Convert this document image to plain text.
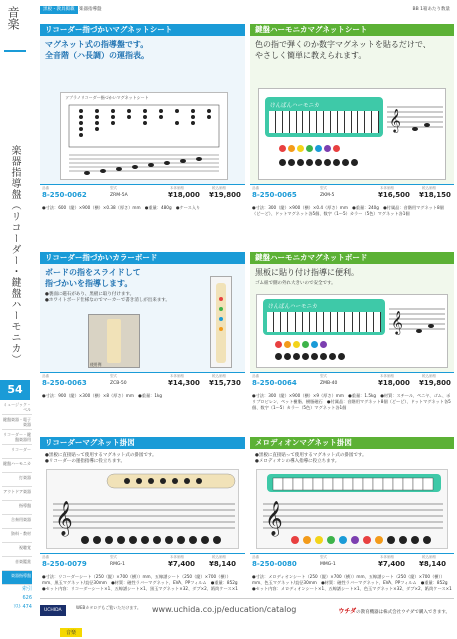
音楽
楽器指導盤（リコーダー・鍵盤ハーモニカ）
54
ミュージック・ベル
鍵盤楽器・電子楽器
リコーダー・鍵盤楽器用
リコーダー
鍵盤ハーモニカ
打楽器
アウトドア楽器
指導盤
合奏用楽器
資料・教材
視聴覚
音楽鑑賞
楽器指導盤
索引
626
ﾘｽﾄ 474
黒板・教具掲載	楽器指導盤	BB 1箱あたり数量
リコーダー指づかいマグネットシート
マグネット式の指導盤です。
全音階（ハ長調）の運指表。
ソプラノリコーダー指づかいマグネットシート
品番	型式	本体価格	税込価格
8-250-0062	ZRM-5A	¥18,000 ¥19,800
●寸法：600（縦）×900（横）×0.38（厚さ）mm　●重量：480g　●ケース入り
鍵盤ハーモニカマグネットシート
色の指で弾くのか数字マグネットを貼るだけで、
やさしく簡単に教えられます。
けんばんハーモニカ
𝄞
品番	型式	本体価格	税込価格
8-250-0065	ZKM-5	¥16,500 ¥18,150
●寸法：300（縦）×900（横）×0.4（厚さ）mm　●重量：240g　●付属品：音階用マグネット8個（ど〜ど）、ドットマグネット各5個、数字（1〜5）カラー（5色）マグネット各1個
リコーダー指づかいカラーボード
ボードの指をスライドして
指づかいを指導します。
●裏面に磁石があり、黒板に取り付けます。
●ホワイトボード仕様なのでマーカーで書き消しが出来ます。
使用例
品番	型式	本体価格	税込価格
8-250-0063	ZCB-50	¥14,300 ¥15,730
●寸法：900（縦）×300（横）×8（厚さ）mm　●重量：1kg
鍵盤ハーモニカマグネットボード
黒板に貼り付け指導に便利。
ゴム紐で側の外れ大きいので安全です。
けんばんハーモニカ
𝄞
品番	型式	本体価格	税込価格
8-250-0064	ZMB-40	¥18,000 ¥19,800
●寸法：300（縦）×900（横）×9（厚さ）mm　●重量：1.5kg　●材質：スチール、ペニヤ、ゴム、ポリプロピレン、ペット樹脂、樹脂磁石　●付属品：音階用マグネット8個（ど〜ど）、ドットマグネット各5個、数字（1〜5）カラー（5色）マグネット各1個
リコーダーマグネット掛図
●黒板に直接貼って使用するマグネット式の掛図です。
●リコーダーの運指指導に役立ちます。
𝄞
品番	型式	本体価格	税込価格
8-250-0079	RMG-1	¥7,400 ¥8,140
●寸法：リコーダーシート（250（縦）×700（横））mm、五線譜シート（250（縦）×700（横））mm、黒玉マグネット/直径30mm　●材質：磁性ラバーマグネット、EVA、PPフィルム　●重量：852g　●セット内容：リコーダーシート×1、五線譜シート×1、黒玉マグネット×32、ダブ×2、紙筒ケース×1
メロディオンマグネット掛図
●黒板に直接貼って使用するマグネット式の掛図です。
●メロディオンの導入指導に役立ちます。
𝄞
品番	型式	本体価格	税込価格
8-250-0080	MMG-1	¥7,400 ¥8,140
●寸法：メロディオンシート（250（縦）×700（横））mm、五線譜シート（250（縦）×700（横））mm、色玉マグネット/直径30mm　●材質：磁性ラバーマグネット、EVA、PPフィルム　●重量：852g　●セット内容：メロディオンシート×1、五線譜シート×1、色玉マグネット×32、ダブ×2、紙筒ケース×1
UCHIDA
WEBカタログもご覧いただけます。 www.uchida.co.jp/education/catalog	ウチダの教育機器は株式会社ウチダで購入できます。
音楽
